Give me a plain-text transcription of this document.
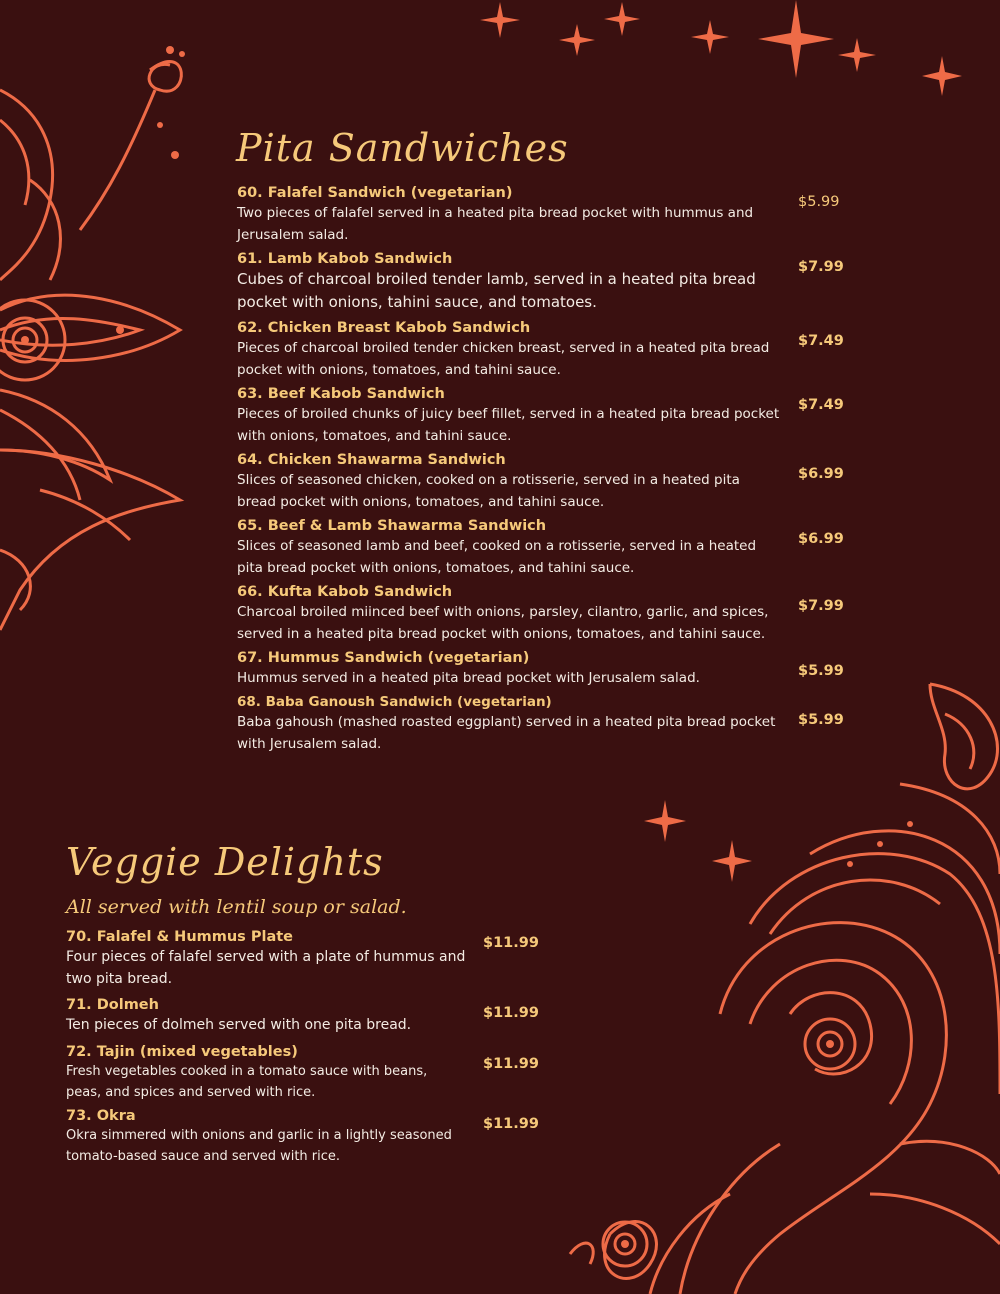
Pita Sandwiches
60. Falafel Sandwich (vegetarian)
Two pieces of falafel served in a heated pita bread pocket with hummus and Jerusalem salad.
$5.99
61. Lamb Kabob Sandwich
Cubes of charcoal broiled tender lamb, served in a heated pita bread pocket with onions, tahini sauce, and tomatoes.
$7.99
62. Chicken Breast Kabob Sandwich
Pieces of charcoal broiled tender chicken breast, served in a heated pita bread pocket with onions, tomatoes, and tahini sauce.
$7.49
63. Beef Kabob Sandwich
Pieces of broiled chunks of juicy beef fillet, served in a heated pita bread pocket with onions, tomatoes, and tahini sauce.
$7.49
64. Chicken Shawarma Sandwich
Slices of seasoned chicken, cooked on a rotisserie, served in a heated pita bread pocket with onions, tomatoes, and tahini sauce.
$6.99
65. Beef & Lamb Shawarma Sandwich
Slices of seasoned lamb and beef, cooked on a rotisserie, served in a heated pita bread pocket with onions, tomatoes, and tahini sauce.
$6.99
66. Kufta Kabob Sandwich
Charcoal broiled miinced beef with onions, parsley, cilantro, garlic, and spices, served in a heated pita bread pocket with onions, tomatoes, and tahini sauce.
$7.99
67. Hummus Sandwich (vegetarian)
Hummus served in a heated pita bread pocket with Jerusalem salad.	$5.99
68. Baba Ganoush Sandwich (vegetarian)
Baba gahoush (mashed roasted eggplant) served in a heated pita bread pocket with Jerusalem salad.
$5.99
Veggie Delights

All served with lentil soup or salad.

70. Falafel & Hummus Plate
Four pieces of falafel served with a plate of hummus and two pita bread.
$11.99
71. Dolmeh
Ten pieces of dolmeh served with one pita bread.
$11.99
72. Tajin (mixed vegetables)
Fresh vegetables cooked in a tomato sauce with beans, peas, and spices and served with rice.
$11.99
73. Okra
Okra simmered with onions and garlic in a lightly seasoned tomato-based sauce and served with rice.
$11.99
